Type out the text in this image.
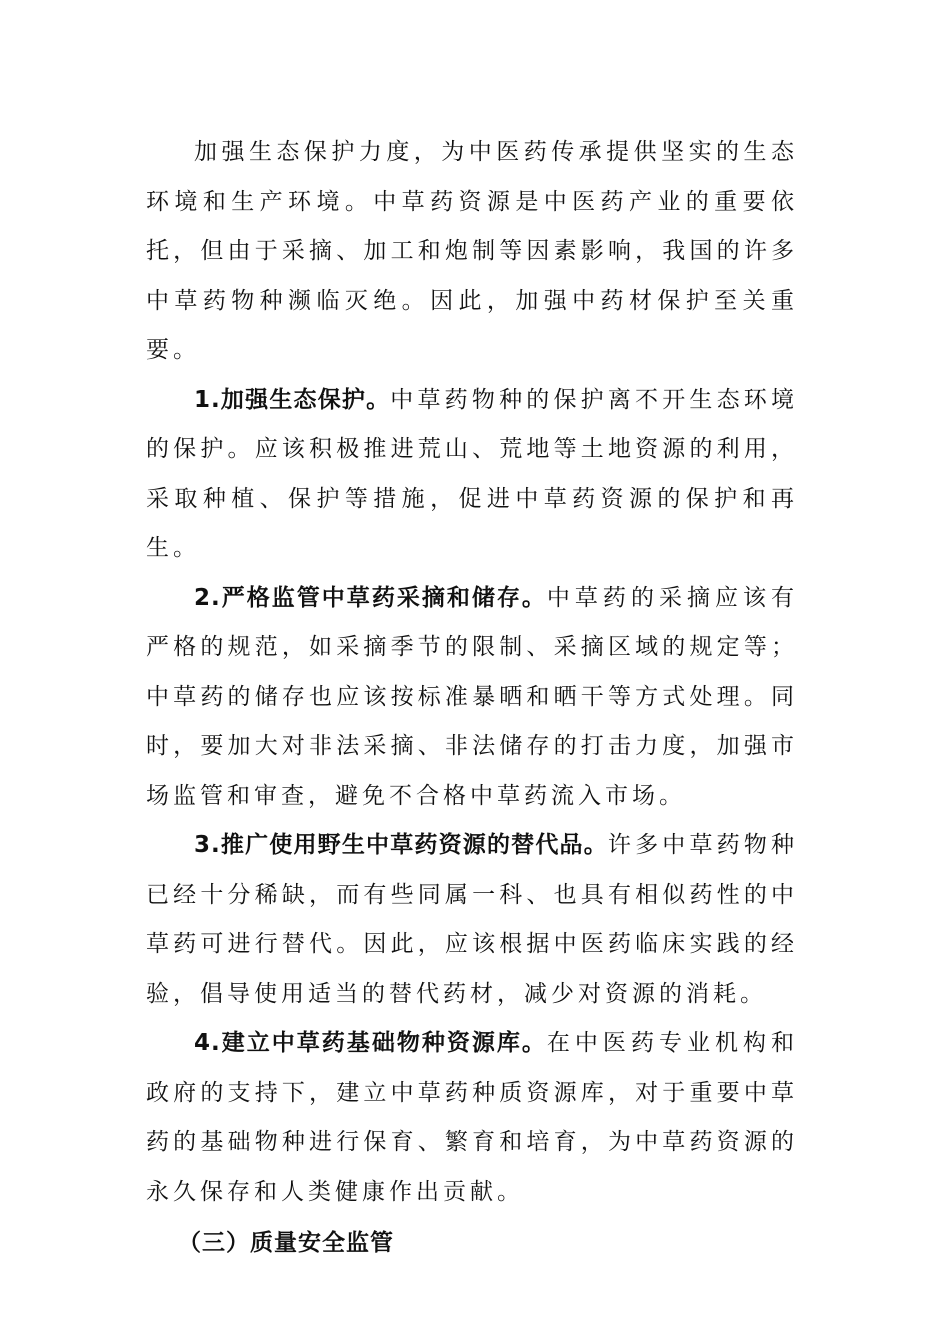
加强生态保护力度，为中医药传承提供坚实的生态环境和生产环境。中草药资源是中医药产业的重要依托，但由于采摘、加工和炮制等因素影响，我国的许多中草药物种濒临灭绝。因此，加强中药材保护至关重要。

1.加强生态保护。中草药物种的保护离不开生态环境的保护。应该积极推进荒山、荒地等土地资源的利用，采取种植、保护等措施，促进中草药资源的保护和再生。

2.严格监管中草药采摘和储存。中草药的采摘应该有严格的规范，如采摘季节的限制、采摘区域的规定等；中草药的储存也应该按标准暴晒和晒干等方式处理。同时，要加大对非法采摘、非法储存的打击力度，加强市场监管和审查，避免不合格中草药流入市场。

3.推广使用野生中草药资源的替代品。许多中草药物种已经十分稀缺，而有些同属一科、也具有相似药性的中草药可进行替代。因此，应该根据中医药临床实践的经验，倡导使用适当的替代药材，减少对资源的消耗。

4.建立中草药基础物种资源库。在中医药专业机构和政府的支持下，建立中草药种质资源库，对于重要中草药的基础物种进行保育、繁育和培育，为中草药资源的永久保存和人类健康作出贡献。

（三）质量安全监管
